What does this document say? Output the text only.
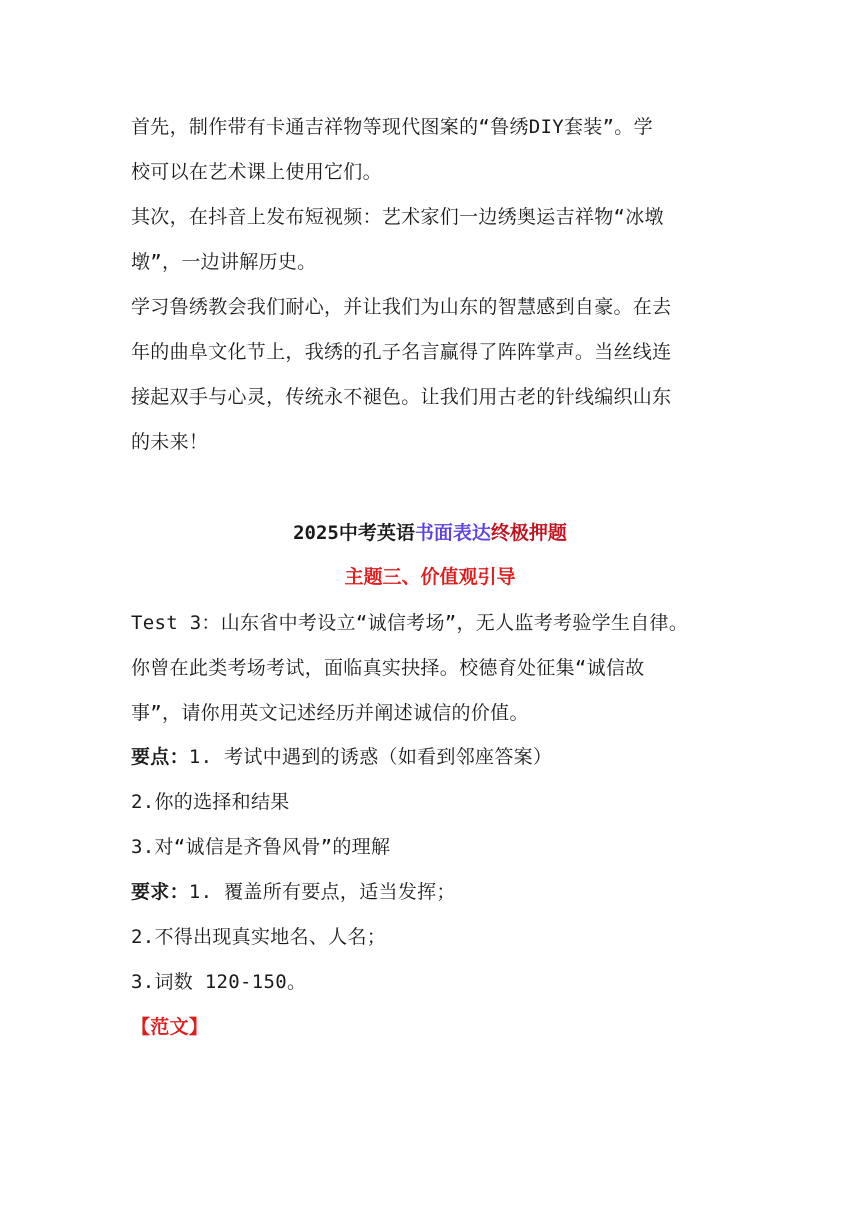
首先，制作带有卡通吉祥物等现代图案的“鲁绣DIY套装”。学
校可以在艺术课上使用它们。

其次，在抖音上发布短视频：艺术家们一边绣奥运吉祥物“冰墩
墩”，一边讲解历史。

学习鲁绣教会我们耐心，并让我们为山东的智慧感到自豪。在去
年的曲阜文化节上，我绣的孔子名言赢得了阵阵掌声。当丝线连
接起双手与心灵，传统永不褪色。让我们用古老的针线编织山东
的未来！

2025中考英语书面表达终极押题

主题三、价值观引导

Test 3：山东省中考设立“诚信考场”，无人监考考验学生自律。
你曾在此类考场考试，面临真实抉择。校德育处征集“诚信故
事”，请你用英文记述经历并阐述诚信的价值。

要点：1. 考试中遇到的诱惑（如看到邻座答案）
2.你的选择和结果
3.对“诚信是齐鲁风骨”的理解

要求：1. 覆盖所有要点，适当发挥；
2.不得出现真实地名、人名；
3.词数 120-150。

【范文】
